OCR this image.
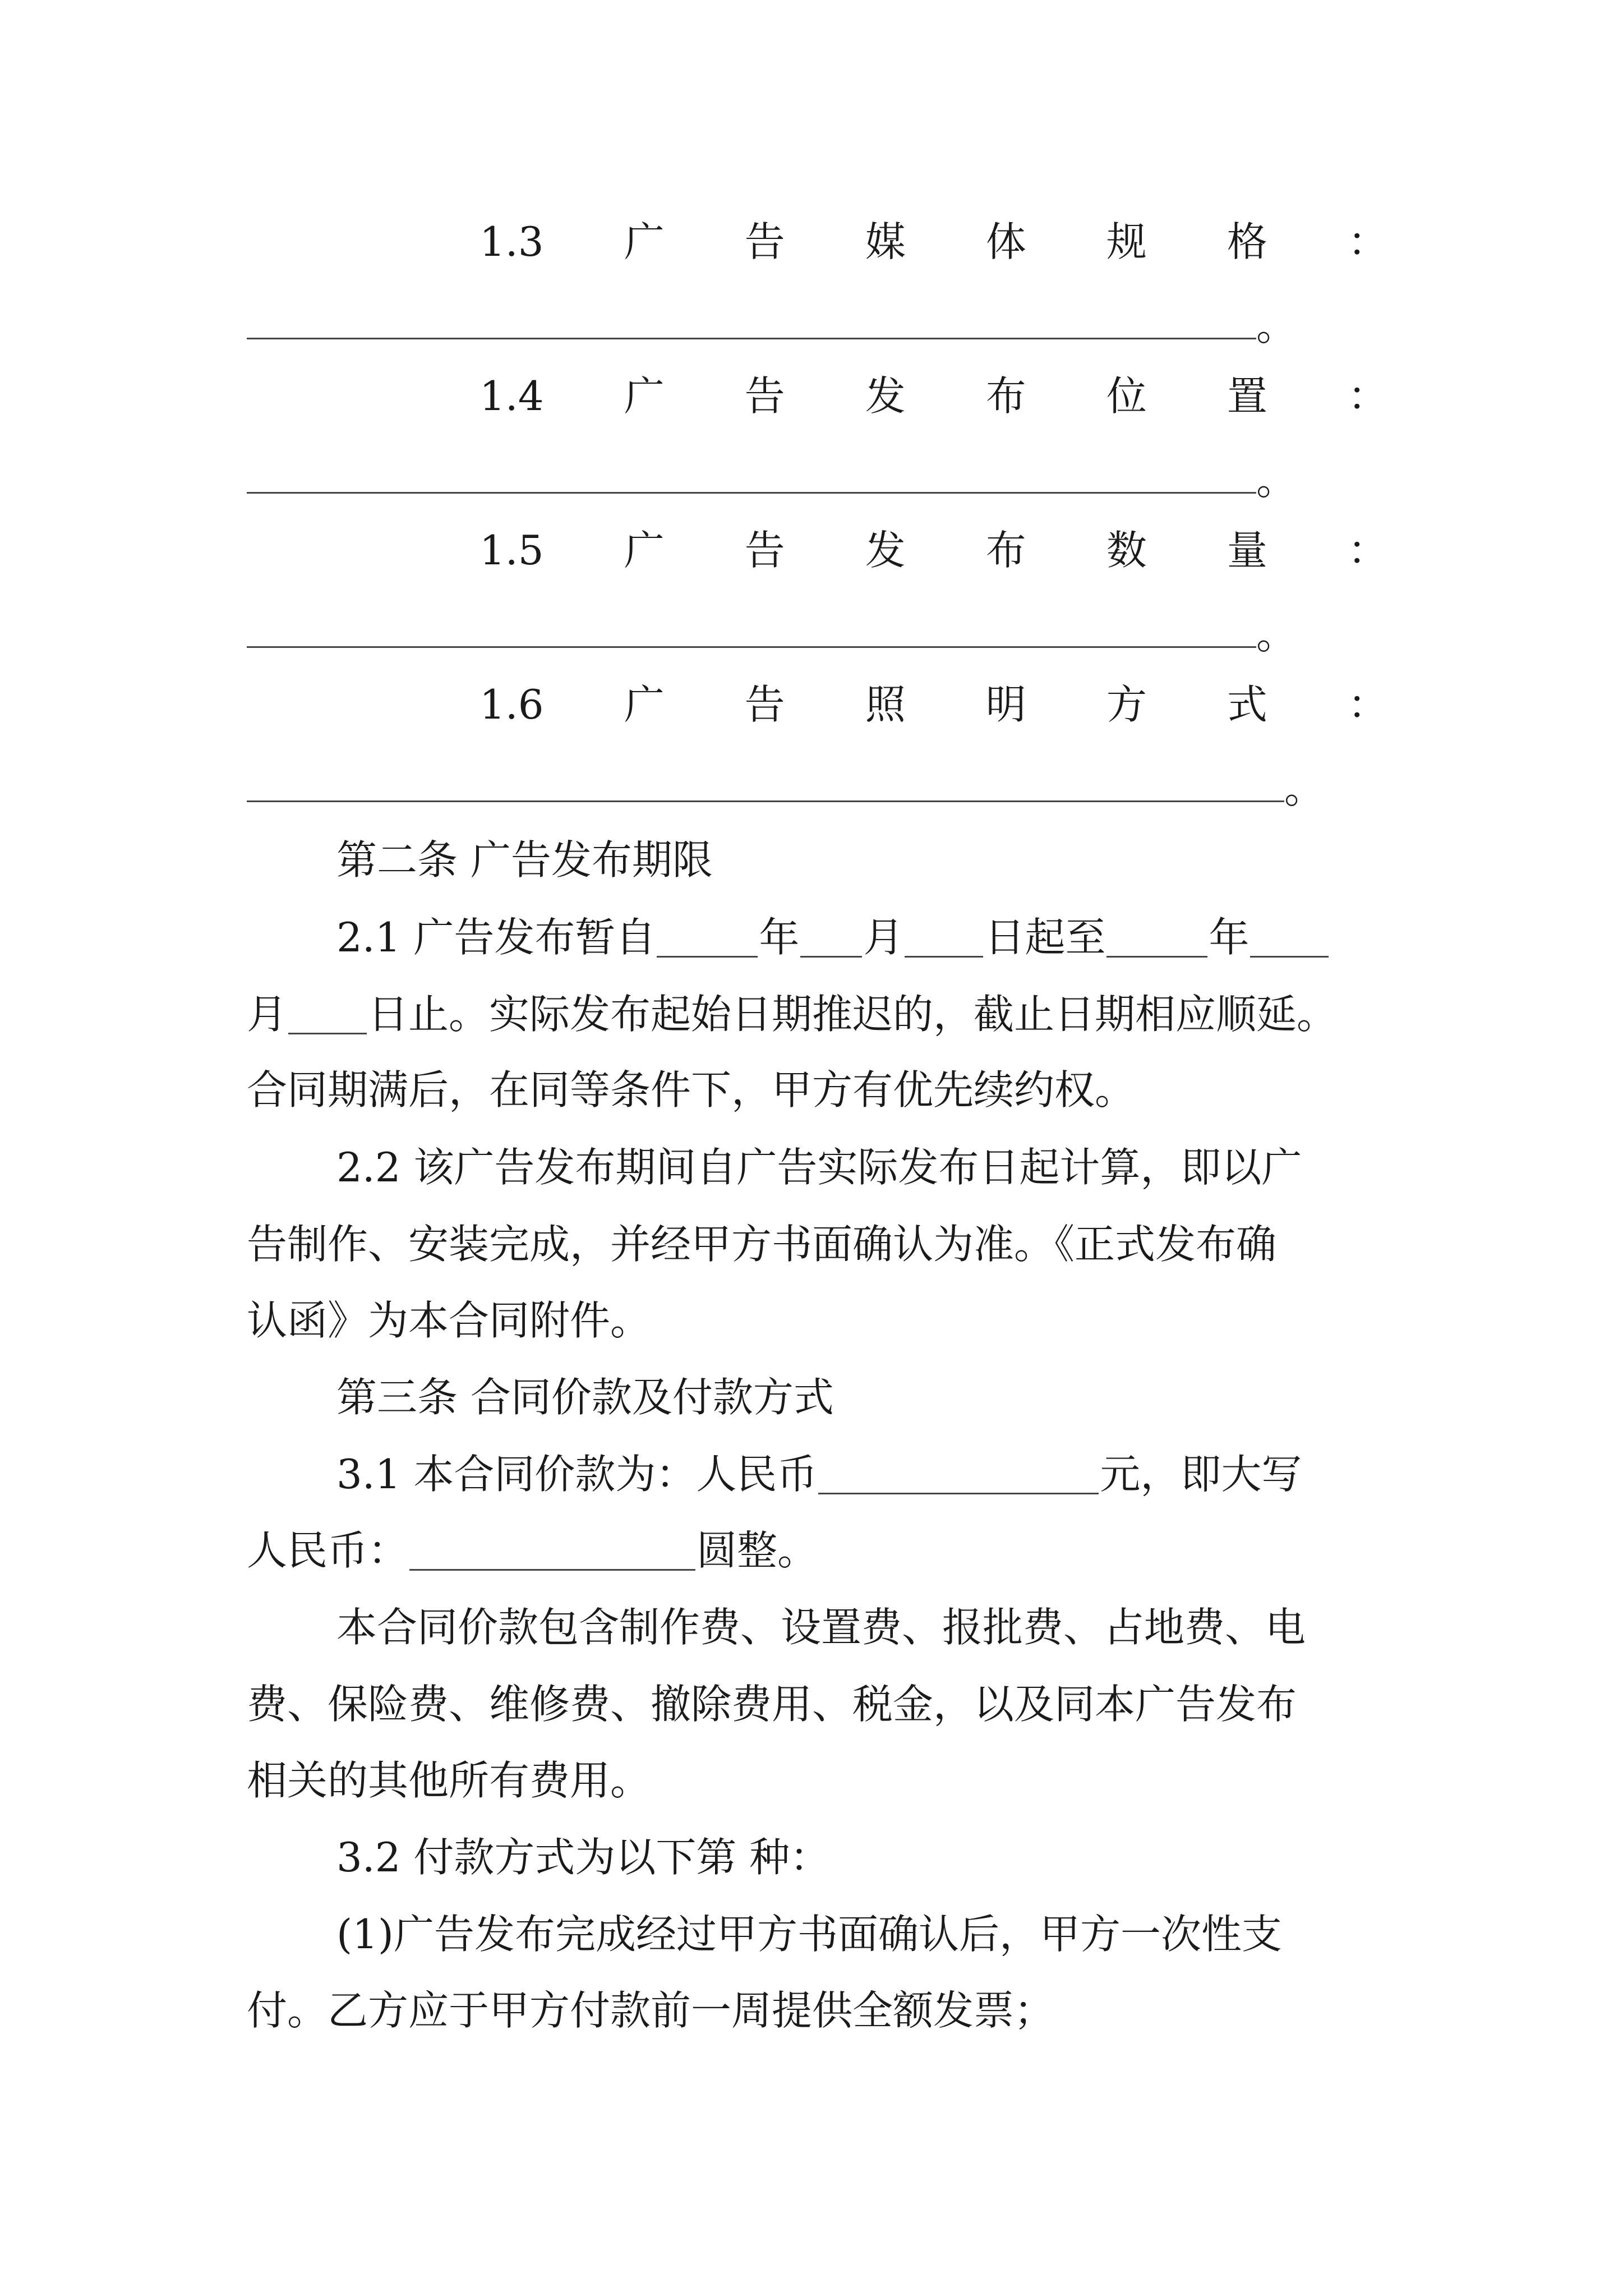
1.3 广 告 媒 体 规 格 ：
。
1.4 广 告 发 布 位 置 ：
。
1.5 广 告 发 布 数 量 ：
。
1.6 广 告 照 明 方 式 ：
。
第二条 广告发布期限
2.1 广告发布暂自	年 月 日起至	年
月 日止。实际发布起始日期推迟的，截止日期相应顺延。
合同期满后，在同等条件下，甲方有优先续约权。
2.2 该广告发布期间自广告实际发布日起计算，即以广
告制作、安装完成，并经甲方书面确认为准。《正式发布确
认函》为本合同附件。
第三条 合同价款及付款方式
3.1 本合同价款为：人民币	元，即大写
人民币：	圆整。
本合同价款包含制作费、设置费、报批费、占地费、电
费、保险费、维修费、撤除费用、税金，以及同本广告发布
相关的其他所有费用。
3.2 付款方式为以下第 种：
(1)广告发布完成经过甲方书面确认后，甲方一次性支
付。乙方应于甲方付款前一周提供全额发票；
